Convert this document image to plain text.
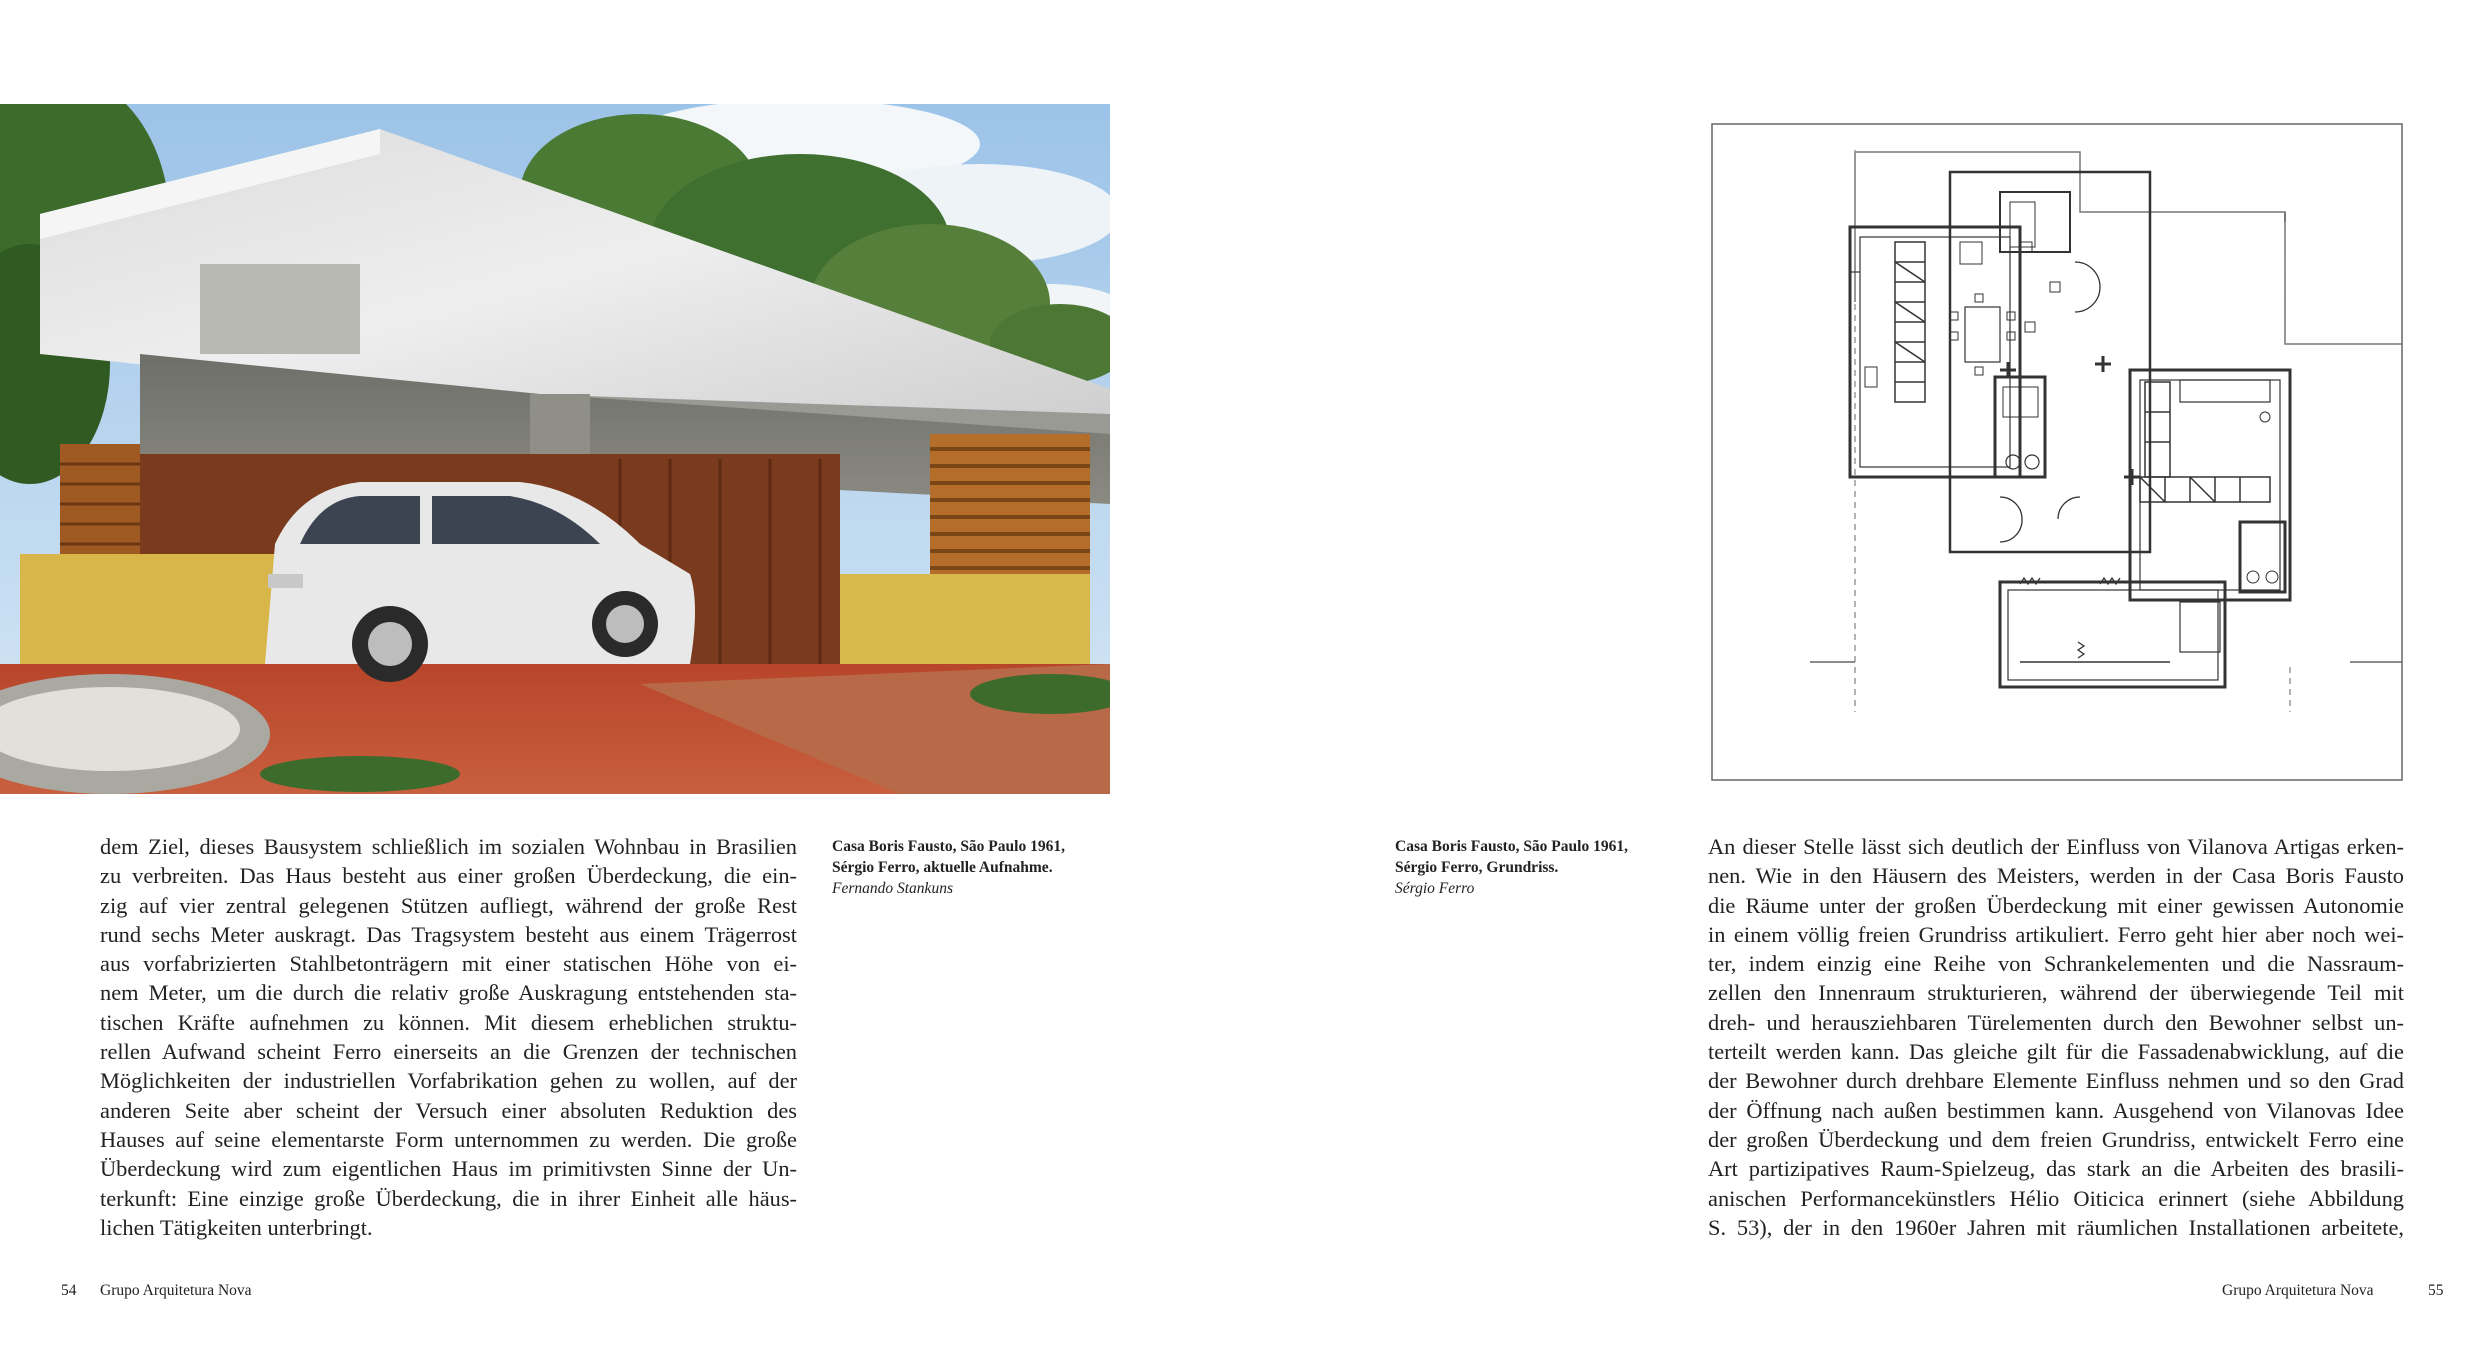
dem Ziel, dieses Bausystem schließlich im sozialen Wohnbau in Brasilien
zu verbreiten. Das Haus besteht aus einer großen Überdeckung, die ein-
zig auf vier zentral gelegenen Stützen aufliegt, während der große Rest
rund sechs Meter auskragt. Das Tragsystem besteht aus einem Trägerrost
aus vorfabrizierten Stahlbetonträgern mit einer statischen Höhe von ei-
nem Meter, um die durch die relativ große Auskragung entstehenden sta-
tischen Kräfte aufnehmen zu können. Mit diesem erheblichen struktu-
rellen Aufwand scheint Ferro einerseits an die Grenzen der technischen
Möglichkeiten der industriellen Vorfabrikation gehen zu wollen, auf der
anderen Seite aber scheint der Versuch einer absoluten Reduktion des
Hauses auf seine elementarste Form unternommen zu werden. Die große
Überdeckung wird zum eigentlichen Haus im primitivsten Sinne der Un-
terkunft: Eine einzige große Überdeckung, die in ihrer Einheit alle häus-
lichen Tätigkeiten unterbringt.
Casa Boris Fausto, São Paulo 1961,
Sérgio Ferro, aktuelle Aufnahme.
Fernando Stankuns
Casa Boris Fausto, São Paulo 1961,
Sérgio Ferro, Grundriss.
Sérgio Ferro
An dieser Stelle lässt sich deutlich der Einfluss von Vilanova Artigas erken-
nen. Wie in den Häusern des Meisters, werden in der Casa Boris Fausto
die Räume unter der großen Überdeckung mit einer gewissen Autonomie
in einem völlig freien Grundriss artikuliert. Ferro geht hier aber noch wei-
ter, indem einzig eine Reihe von Schrankelementen und die Nassraum-
zellen den Innenraum strukturieren, während der überwiegende Teil mit
dreh- und herausziehbaren Türelementen durch den Bewohner selbst un-
terteilt werden kann. Das gleiche gilt für die Fassadenabwicklung, auf die
der Bewohner durch drehbare Elemente Einfluss nehmen und so den Grad
der Öffnung nach außen bestimmen kann. Ausgehend von Vilanovas Idee
der großen Überdeckung und dem freien Grundriss, entwickelt Ferro eine
Art partizipatives Raum-Spielzeug, das stark an die Arbeiten des brasili-
anischen Performancekünstlers Hélio Oiticica erinnert (siehe Abbildung
S. 53), der in den 1960er Jahren mit räumlichen Installationen arbeitete,
54 Grupo Arquitetura Nova	Grupo Arquitetura Nova	55
